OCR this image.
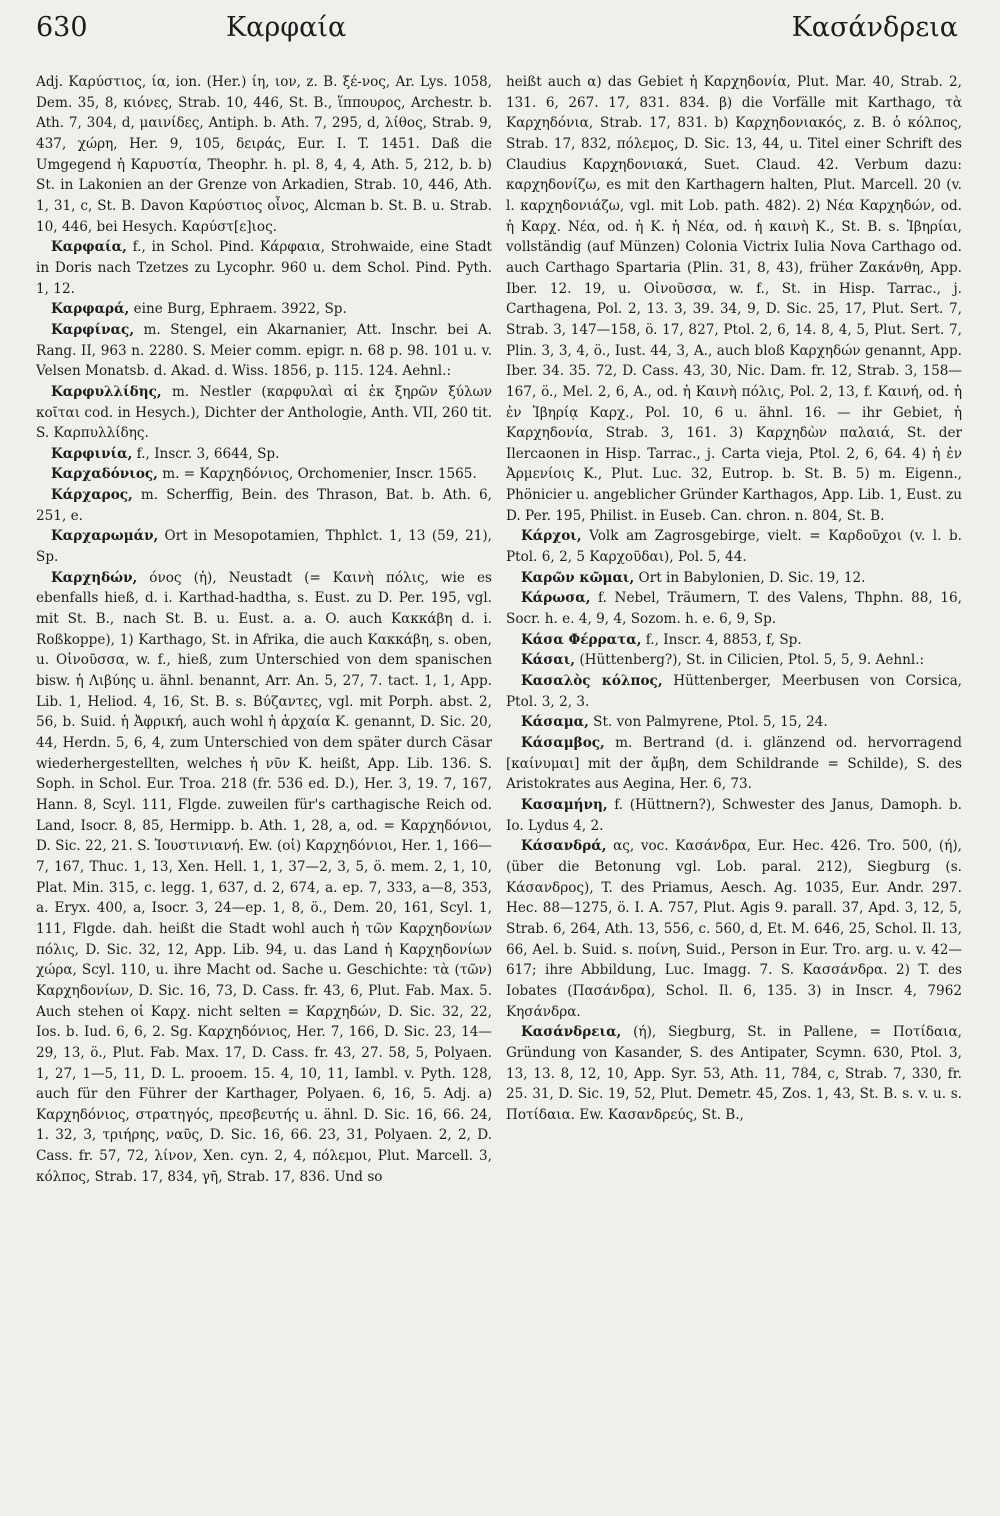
630	Καρφαία	Κασάνδρεια

Adj. Καρύστιος, ία, ion. (Her.) ίη, ιον, z. B. ξέ-νος, Ar. Lys. 1058, Dem. 35, 8, κιόνες, Strab. 10, 446, St. B., ἵππουρος, Archestr. b. Ath. 7, 304, d, μαινίδες, Antiph. b. Ath. 7, 295, d, λίθος, Strab. 9, 437, χώρη, Her. 9, 105, δειράς, Eur. I. T. 1451. Daß die Umgegend ἡ Καρυστία, Theophr. h. pl. 8, 4, 4, Ath. 5, 212, b. b) St. in Lakonien an der Grenze von Arkadien, Strab. 10, 446, Ath. 1, 31, c, St. B. Davon Καρύστιος οἶνος, Alcman b. St. B. u. Strab. 10, 446, bei Hesych. Καρύστ[ε]ιος.

Καρφαία, f., in Schol. Pind. Κάρφαια, Strohwaide, eine Stadt in Doris nach Tzetzes zu Lycophr. 960 u. dem Schol. Pind. Pyth. 1, 12.

Καρφαρά, eine Burg, Ephraem. 3922, Sp.

Καρφίνας, m. Stengel, ein Akarnanier, Att. Inschr. bei A. Rang. II, 963 n. 2280. S. Meier comm. epigr. n. 68 p. 98. 101 u. v. Velsen Monatsb. d. Akad. d. Wiss. 1856, p. 115. 124. Aehnl.:

Καρφυλλίδης, m. Nestler (καρφυλαὶ αἱ ἐκ ξηρῶν ξύλων κοῖται cod. in Hesych.), Dichter der Anthologie, Anth. VII, 260 tit. S. Καρπυλλίδης.

Καρφινία, f., Inscr. 3, 6644, Sp.

Καρχαδόνιος, m. = Καρχηδόνιος, Orchomenier, Inscr. 1565.

Κάρχαρος, m. Scherffig, Bein. des Thrason, Bat. b. Ath. 6, 251, e.

Καρχαρωμάν, Ort in Mesopotamien, Thphlct. 1, 13 (59, 21), Sp.

Καρχηδών, όνος (ἡ), Neustadt (= Καινὴ πόλις, wie es ebenfalls hieß, d. i. Karthad-hadtha, s. Eust. zu D. Per. 195, vgl. mit St. B., nach St. B. u. Eust. a. a. O. auch Κακκάβη d. i. Roßkoppe), 1) Karthago, St. in Afrika, die auch Κακκάβη, s. oben, u. Οἰνοῦσσα, w. f., hieß, zum Unterschied von dem spanischen bisw. ἡ Λιβύης u. ähnl. benannt, Arr. An. 5, 27, 7. tact. 1, 1, App. Lib. 1, Heliod. 4, 16, St. B. s. Βύζαντες, vgl. mit Porph. abst. 2, 56, b. Suid. ἡ Ἀφρική, auch wohl ἡ ἀρχαία Κ. genannt, D. Sic. 20, 44, Herdn. 5, 6, 4, zum Unterschied von dem später durch Cäsar wiederhergestellten, welches ἡ νῦν Κ. heißt, App. Lib. 136. S. Soph. in Schol. Eur. Troa. 218 (fr. 536 ed. D.), Her. 3, 19. 7, 167, Hann. 8, Scyl. 111, Flgde. zuweilen für's carthagische Reich od. Land, Isocr. 8, 85, Hermipp. b. Ath. 1, 28, a, od. = Καρχηδόνιοι, D. Sic. 22, 21. S. Ἰουστινιανή. Ew. (οἱ) Καρχηδόνιοι, Her. 1, 166—7, 167, Thuc. 1, 13, Xen. Hell. 1, 1, 37—2, 3, 5, ö. mem. 2, 1, 10, Plat. Min. 315, c. legg. 1, 637, d. 2, 674, a. ep. 7, 333, a—8, 353, a. Eryx. 400, a, Isocr. 3, 24—ep. 1, 8, ö., Dem. 20, 161, Scyl. 1, 111, Flgde. dah. heißt die Stadt wohl auch ἡ τῶν Καρχηδονίων πόλις, D. Sic. 32, 12, App. Lib. 94, u. das Land ἡ Καρχηδονίων χώρα, Scyl. 110, u. ihre Macht od. Sache u. Geschichte: τὰ (τῶν) Καρχηδονίων, D. Sic. 16, 73, D. Cass. fr. 43, 6, Plut. Fab. Max. 5. Auch stehen οἱ Καρχ. nicht selten = Καρχηδών, D. Sic. 32, 22, Ios. b. Iud. 6, 6, 2. Sg. Καρχηδόνιος, Her. 7, 166, D. Sic. 23, 14—29, 13, ö., Plut. Fab. Max. 17, D. Cass. fr. 43, 27. 58, 5, Polyaen. 1, 27, 1—5, 11, D. L. prooem. 15. 4, 10, 11, Iambl. v. Pyth. 128, auch für den Führer der Karthager, Polyaen. 6, 16, 5. Adj. a) Καρχηδόνιος, στρατηγός, πρεσβευτής u. ähnl. D. Sic. 16, 66. 24, 1. 32, 3, τριήρης, ναῦς, D. Sic. 16, 66. 23, 31, Polyaen. 2, 2, D. Cass. fr. 57, 72, λίνον, Xen. cyn. 2, 4, πόλεμοι, Plut. Marcell. 3, κόλπος, Strab. 17, 834, γῆ, Strab. 17, 836. Und so

heißt auch α) das Gebiet ἡ Καρχηδονία, Plut. Mar. 40, Strab. 2, 131. 6, 267. 17, 831. 834. β) die Vorfälle mit Karthago, τὰ Καρχηδόνια, Strab. 17, 831. b) Καρχηδονιακός, z. B. ὁ κόλπος, Strab. 17, 832, πόλεμος, D. Sic. 13, 44, u. Titel einer Schrift des Claudius Καρχηδονιακά, Suet. Claud. 42. Verbum dazu: καρχηδονίζω, es mit den Karthagern halten, Plut. Marcell. 20 (v. l. καρχηδονιάζω, vgl. mit Lob. path. 482). 2) Νέα Καρχηδών, od. ἡ Καρχ. Νέα, od. ἡ Κ. ἡ Νέα, od. ἡ καινὴ Κ., St. B. s. Ἰβηρίαι, vollständig (auf Münzen) Colonia Victrix Iulia Nova Carthago od. auch Carthago Spartaria (Plin. 31, 8, 43), früher Ζακάνθη, App. Iber. 12. 19, u. Οἰνοῦσσα, w. f., St. in Hisp. Tarrac., j. Carthagena, Pol. 2, 13. 3, 39. 34, 9, D. Sic. 25, 17, Plut. Sert. 7, Strab. 3, 147—158, ö. 17, 827, Ptol. 2, 6, 14. 8, 4, 5, Plut. Sert. 7, Plin. 3, 3, 4, ö., Iust. 44, 3, A., auch bloß Καρχηδών genannt, App. Iber. 34. 35. 72, D. Cass. 43, 30, Nic. Dam. fr. 12, Strab. 3, 158—167, ö., Mel. 2, 6, A., od. ἡ Καινὴ πόλις, Pol. 2, 13, f. Καινή, od. ἡ ἐν Ἰβηρίᾳ Καρχ., Pol. 10, 6 u. ähnl. 16. — ihr Gebiet, ἡ Καρχηδονία, Strab. 3, 161. 3) Καρχηδὼν παλαιά, St. der Ilercaonen in Hisp. Tarrac., j. Carta vieja, Ptol. 2, 6, 64. 4) ἡ ἐν Ἀρμενίοις Κ., Plut. Luc. 32, Eutrop. b. St. B. 5) m. Eigenn., Phönicier u. angeblicher Gründer Karthagos, App. Lib. 1, Eust. zu D. Per. 195, Philist. in Euseb. Can. chron. n. 804, St. B.

Κάρχοι, Volk am Zagrosgebirge, vielt. = Καρδοῦχοι (v. l. b. Ptol. 6, 2, 5 Καρχοῦδαι), Pol. 5, 44.

Καρῶν κῶμαι, Ort in Babylonien, D. Sic. 19, 12.

Κάρωσα, f. Nebel, Träumern, T. des Valens, Thphn. 88, 16, Socr. h. e. 4, 9, 4, Sozom. h. e. 6, 9, Sp.

Κάσα Φέρρατα, f., Inscr. 4, 8853, f, Sp.

Κάσαι, (Hüttenberg?), St. in Cilicien, Ptol. 5, 5, 9. Aehnl.:

Κασαλὸς κόλπος, Hüttenberger, Meerbusen von Corsica, Ptol. 3, 2, 3.

Κάσαμα, St. von Palmyrene, Ptol. 5, 15, 24.

Κάσαμβος, m. Bertrand (d. i. glänzend od. hervorragend [καίνυμαι] mit der ἄμβη, dem Schildrande = Schilde), S. des Aristokrates aus Aegina, Her. 6, 73.

Κασαμήνη, f. (Hüttnern?), Schwester des Janus, Damoph. b. Io. Lydus 4, 2.

Κάσανδρά, ας, voc. Κασάνδρα, Eur. Hec. 426. Tro. 500, (ή), (über die Betonung vgl. Lob. paral. 212), Siegburg (s. Κάσανδρος), T. des Priamus, Aesch. Ag. 1035, Eur. Andr. 297. Hec. 88—1275, ö. I. A. 757, Plut. Agis 9. parall. 37, Apd. 3, 12, 5, Strab. 6, 264, Ath. 13, 556, c. 560, d, Et. M. 646, 25, Schol. Il. 13, 66, Ael. b. Suid. s. ποίνη, Suid., Person in Eur. Tro. arg. u. v. 42—617; ihre Abbildung, Luc. Imagg. 7. S. Κασσάνδρα. 2) T. des Iobates (Πασάνδρα), Schol. Il. 6, 135. 3) in Inscr. 4, 7962 Κησάνδρα.

Κασάνδρεια, (ή), Siegburg, St. in Pallene, = Ποτίδαια, Gründung von Kasander, S. des Antipater, Scymn. 630, Ptol. 3, 13, 13. 8, 12, 10, App. Syr. 53, Ath. 11, 784, c, Strab. 7, 330, fr. 25. 31, D. Sic. 19, 52, Plut. Demetr. 45, Zos. 1, 43, St. B. s. v. u. s. Ποτίδαια. Ew. Κασανδρεύς, St. B.,
